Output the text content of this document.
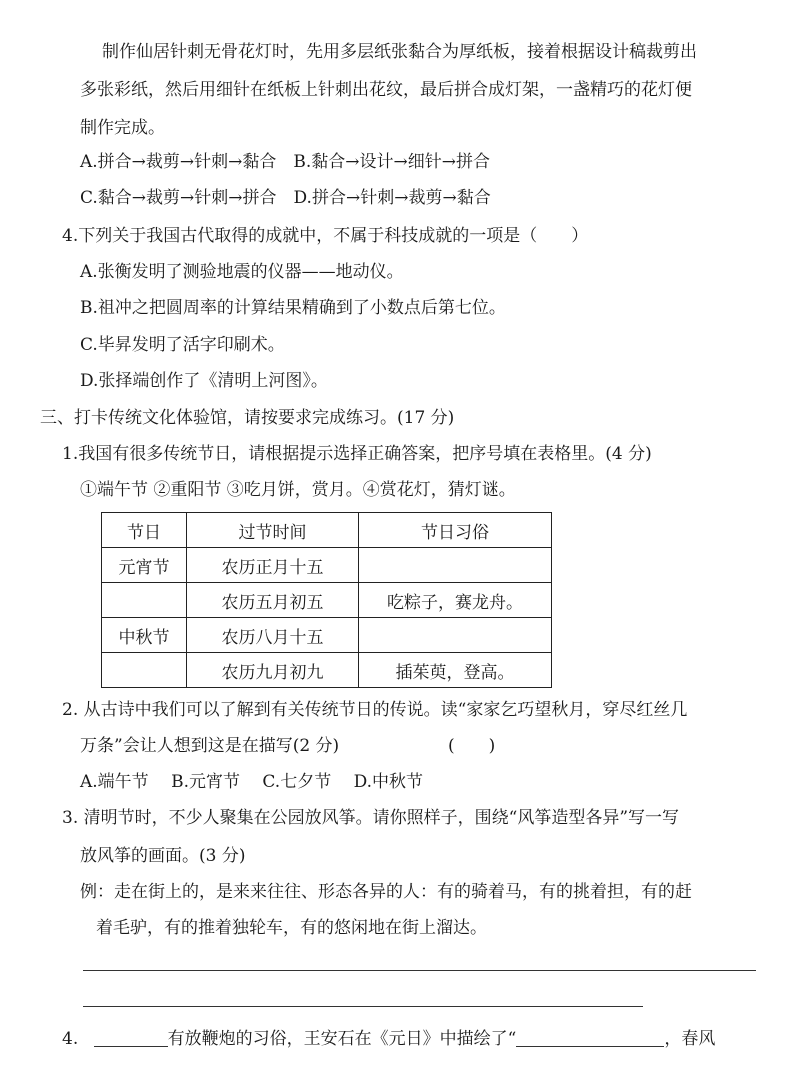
制作仙居针刺无骨花灯时，先用多层纸张黏合为厚纸板，接着根据设计稿裁剪出
多张彩纸，然后用细针在纸板上针刺出花纹，最后拼合成灯架，一盏精巧的花灯便
制作完成。
A.拼合→裁剪→针刺→黏合　B.黏合→设计→细针→拼合
C.黏合→裁剪→针刺→拼合　D.拼合→针刺→裁剪→黏合
4.下列关于我国古代取得的成就中，不属于科技成就的一项是（　　）
A.张衡发明了测验地震的仪器——地动仪。
B.祖冲之把圆周率的计算结果精确到了小数点后第七位。
C.毕昇发明了活字印刷术。
D.张择端创作了《清明上河图》。
三、打卡传统文化体验馆，请按要求完成练习。(17 分)
1.我国有很多传统节日，请根据提示选择正确答案，把序号填在表格里。(4 分)
①端午节 ②重阳节 ③吃月饼，赏月。④赏花灯，猜灯谜。
节日	过节时间	节日习俗
元宵节	农历正月十五	
	农历五月初五	吃粽子，赛龙舟。
中秋节	农历八月十五	
	农历九月初九	插茱萸，登高。
2. 从古诗中我们可以了解到有关传统节日的传说。读“家家乞巧望秋月，穿尽红丝几
万条”会让人想到这是在描写(2 分)	(　　)
A.端午节　 B.元宵节　 C.七夕节　 D.中秋节
3. 清明节时，不少人聚集在公园放风筝。请你照样子，围绕“风筝造型各异”写一写
放风筝的画面。(3 分)
例：走在街上的，是来来往往、形态各异的人：有的骑着马，有的挑着担，有的赶
着毛驴，有的推着独轮车，有的悠闲地在街上溜达。
4.	有放鞭炮的习俗，王安石在《元日》中描绘了“	，春风
